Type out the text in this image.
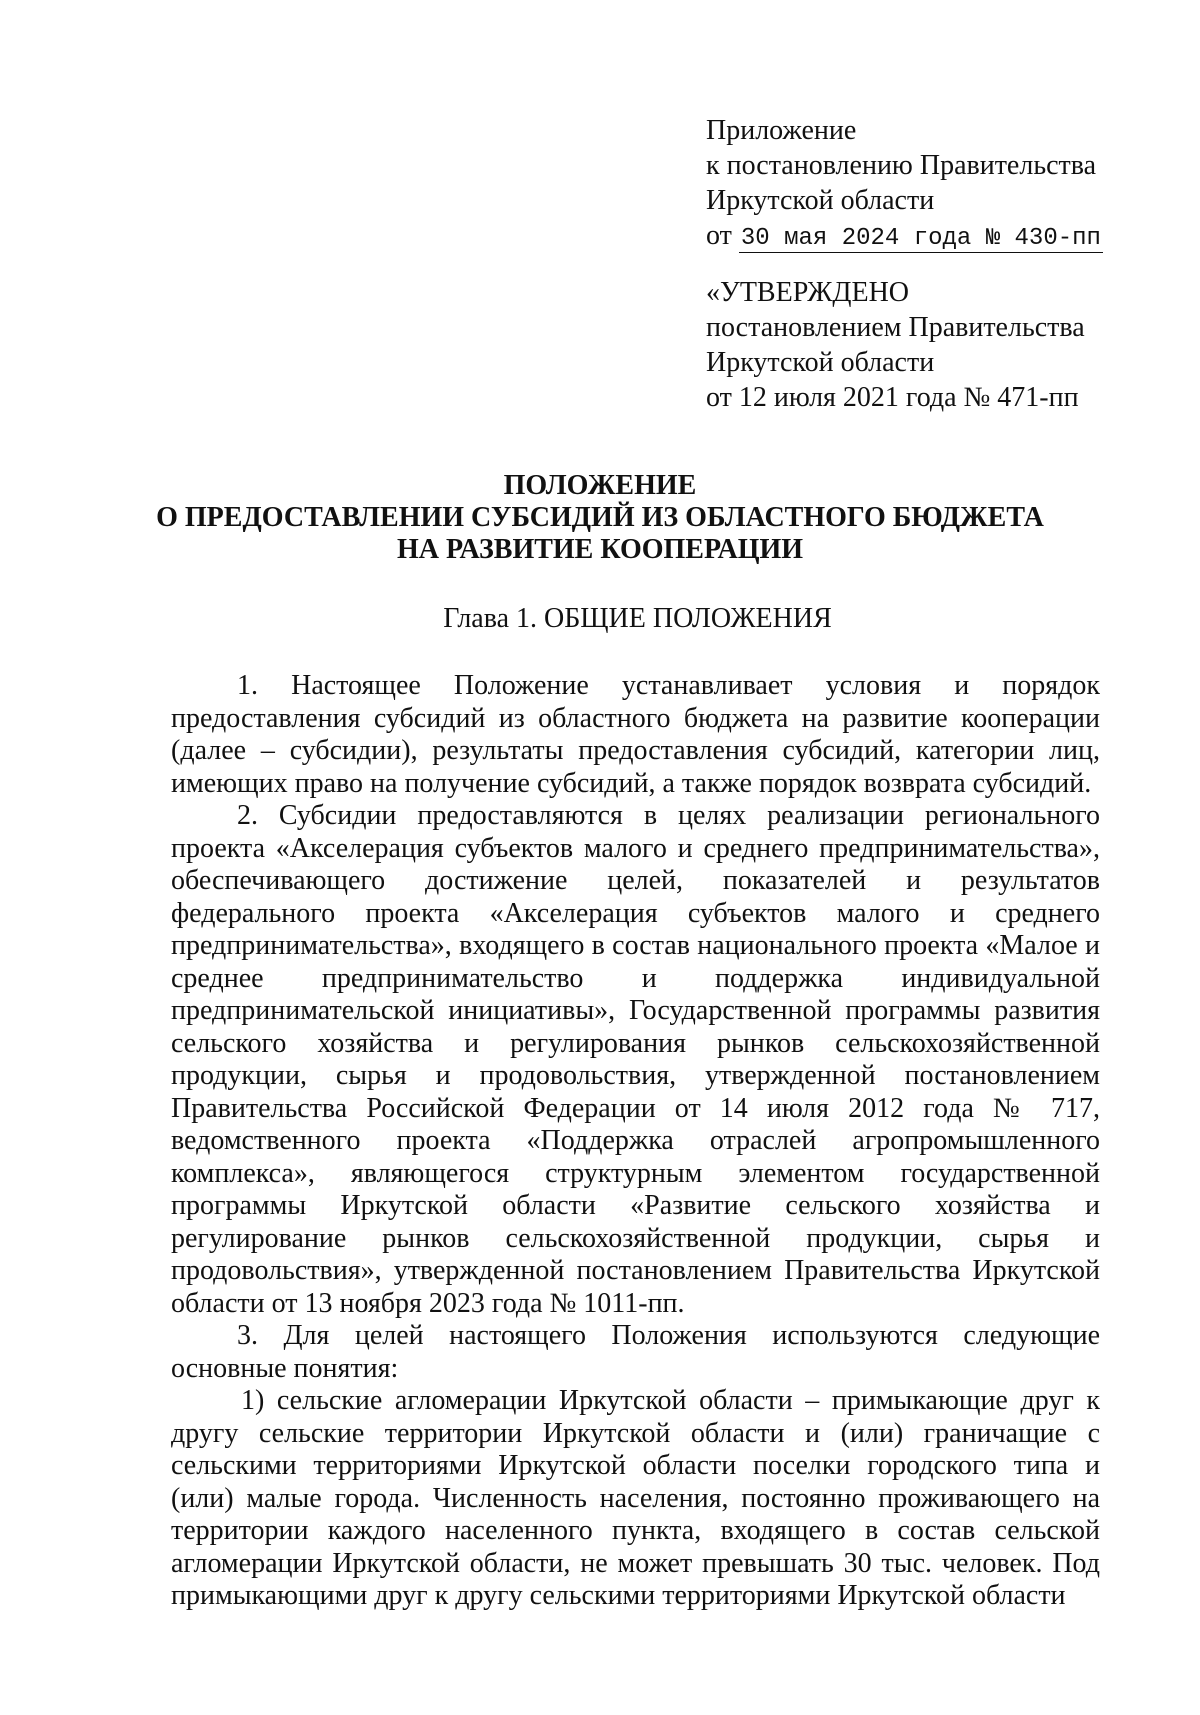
Приложение
к постановлению Правительства
Иркутской области
от 30 мая 2024 года № 430-пп
«УТВЕРЖДЕНО
постановлением Правительства
Иркутской области
от 12 июля 2021 года № 471-пп
ПОЛОЖЕНИЕ
О ПРЕДОСТАВЛЕНИИ СУБСИДИЙ ИЗ ОБЛАСТНОГО БЮДЖЕТА
НА РАЗВИТИЕ КООПЕРАЦИИ
Глава 1. ОБЩИЕ ПОЛОЖЕНИЯ

1. Настоящее Положение устанавливает условия и порядок предоставления субсидий из областного бюджета на развитие кооперации (далее – субсидии), результаты предоставления субсидий, категории лиц, имеющих право на получение субсидий, а также порядок возврата субсидий.

2. Субсидии предоставляются в целях реализации регионального проекта «Акселерация субъектов малого и среднего предпринимательства», обеспечивающего достижение целей, показателей и результатов федерального проекта «Акселерация субъектов малого и среднего предпринимательства», входящего в состав национального проекта «Малое и среднее предпринимательство и поддержка индивидуальной предпринимательской инициативы», Государственной программы развития сельского хозяйства и регулирования рынков сельскохозяйственной продукции, сырья и продовольствия, утвержденной постановлением Правительства Российской Федерации от 14 июля 2012 года № 717, ведомственного проекта «Поддержка отраслей агропромышленного комплекса», являющегося структурным элементом государственной программы Иркутской области «Развитие сельского хозяйства и регулирование рынков сельскохозяйственной продукции, сырья и продовольствия», утвержденной постановлением Правительства Иркутской области от 13 ноября 2023 года № 1011-пп.

3. Для целей настоящего Положения используются следующие основные понятия:

1) сельские агломерации Иркутской области – примыкающие друг к другу сельские территории Иркутской области и (или) граничащие с сельскими территориями Иркутской области поселки городского типа и (или) малые города. Численность населения, постоянно проживающего на территории каждого населенного пункта, входящего в состав сельской агломерации Иркутской области, не может превышать 30 тыс. человек. Под примыкающими друг к другу сельскими территориями Иркутской области
